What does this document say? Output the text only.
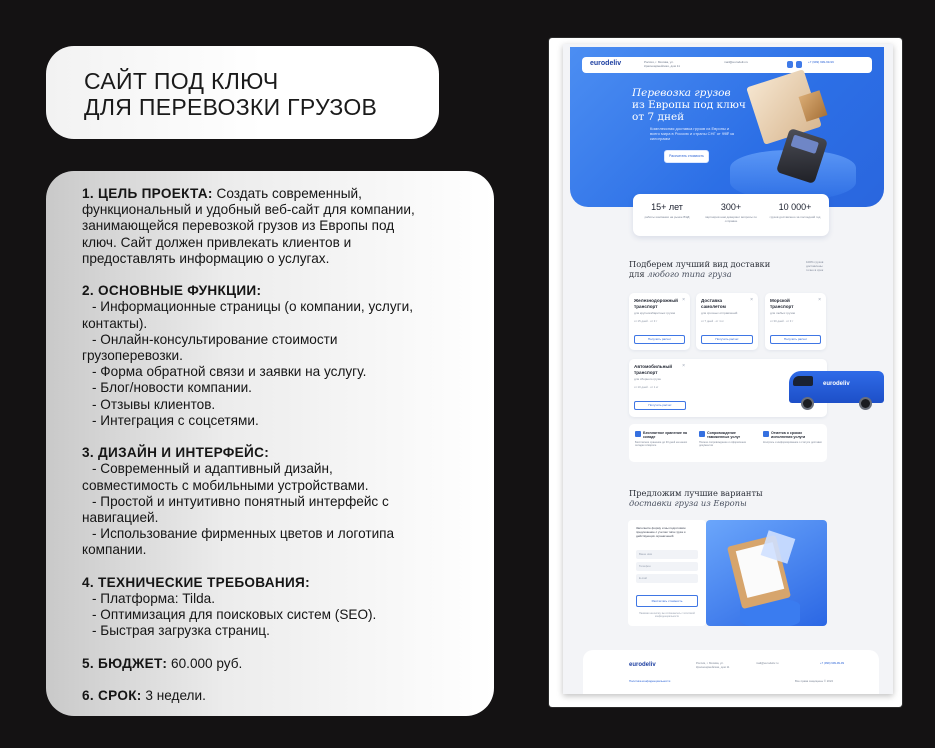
САЙТ ПОД КЛЮЧ
ДЛЯ ПЕРЕВОЗКИ ГРУЗОВ
1. ЦЕЛЬ ПРОЕКТА: Создать современный,
функциональный и удобный веб-сайт для компании,
занимающейся перевозкой грузов из Европы под
ключ. Сайт должен привлекать клиентов и
предоставлять информацию о услугах.
2. ОСНОВНЫЕ ФУНКЦИИ:
- Информационные страницы (о компании, услуги,
контакты).
- Онлайн-консультирование стоимости
грузоперевозки.
- Форма обратной связи и заявки на услугу.
- Блог/новости компании.
- Отзывы клиентов.
- Интеграция с соцсетями.
3. ДИЗАЙН И ИНТЕРФЕЙС:
- Современный и адаптивный дизайн,
совместимость с мобильными устройствами.
- Простой и интуитивно понятный интерфейс с
навигацией.
- Использование фирменных цветов и логотипа
компании.
4. ТЕХНИЧЕСКИЕ ТРЕБОВАНИЯ:
- Платформа: Tilda.
- Оптимизация для поисковых систем (SEO).
- Быстрая загрузка страниц.
5. БЮДЖЕТ: 60.000 руб.
6. СРОК: 3 недели.
eurodeliv	Россия, г. Москва, ул. Красноармейская, дом 11
mail@eurodeliv.ru	+7 (999) 999-99-99
Перевозка грузов
из Европы под ключ
от 7 дней
Комплексная доставка грузов из Европы и всего мира в Россию и страны СНГ от 99₽ за килограмм
Рассчитать стоимость
15+ лет
работы компании на рынке ВЭД
300+
партнёров нам доверяют вопросы по отправке
10 000+
грузов доставлено за последний год
Подберем лучший вид доставки
для любого типа груза
100% грузов доставлены точно в срок
Железнодорожный транспорт
×
для крупногабаритных грузов
от 15 дней · от 3 т
Получить расчет
Доставка самолетом
×
для срочных отправлений
от 7 дней · от 1 кг
Получить расчет
Морской транспорт
×
для любых грузов
от 30 дней · от 3 т
Получить расчет
Автомобильный транспорт
×
для сборного груза
от 10 дней · от 1 кг
Получить расчет
eurodeliv
Бесплатное хранение на складе
Бесплатное хранение до 30 дней на наших складах в Европе
Сопровождение таможенных услуг
Полное сопровождение и оформление документов
Отметка о сроках исполнения услуги
Контроль и информирование о статусе доставки
Предложим лучшие варианты
доставки груза из Европы
Заполните форму и мы подготовим предложение с учетом типа груза и действующих ограничений
Ваше имя
Телефон
E-mail
Рассчитать стоимость
Нажимая на кнопку, вы соглашаетесь с политикой конфиденциальности
eurodeliv	Россия, г. Москва, ул. Красноармейская, дом 11
mail@eurodeliv.ru	+7 (999) 999-99-99
Политика конфиденциальности	Все права защищены © 2024
